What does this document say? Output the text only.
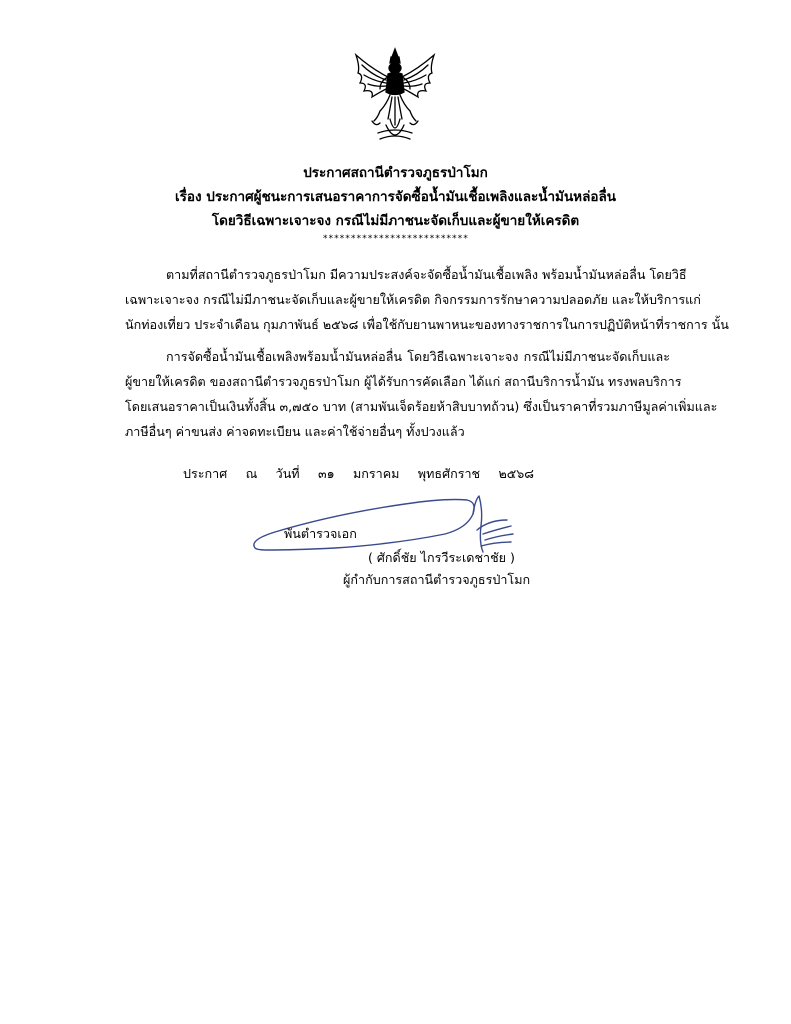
ประกาศสถานีตำรวจภูธรป่าโมก
เรื่อง ประกาศผู้ชนะการเสนอราคาการจัดซื้อน้ำมันเชื้อเพลิงและน้ำมันหล่อลื่น
โดยวิธีเฉพาะเจาะจง กรณีไม่มีภาชนะจัดเก็บและผู้ขายให้เครดิต
**************************
ตามที่สถานีตำรวจภูธรป่าโมก มีความประสงค์จะจัดซื้อน้ำมันเชื้อเพลิง พร้อมน้ำมันหล่อลื่น โดยวิธี
เฉพาะเจาะจง กรณีไม่มีภาชนะจัดเก็บและผู้ขายให้เครดิต กิจกรรมการรักษาความปลอดภัย และให้บริการแก่
นักท่องเที่ยว ประจำเดือน กุมภาพันธ์ ๒๕๖๘ เพื่อใช้กับยานพาหนะของทางราชการในการปฏิบัติหน้าที่ราชการ นั้น
การจัดซื้อน้ำมันเชื้อเพลิงพร้อมน้ำมันหล่อลื่น โดยวิธีเฉพาะเจาะจง กรณีไม่มีภาชนะจัดเก็บและ
ผู้ขายให้เครดิต ของสถานีตำรวจภูธรป่าโมก ผู้ได้รับการคัดเลือก ได้แก่ สถานีบริการน้ำมัน ทรงพลบริการ
โดยเสนอราคาเป็นเงินทั้งสิ้น ๓,๗๕๐ บาท (สามพันเจ็ดร้อยห้าสิบบาทถ้วน) ซึ่งเป็นราคาที่รวมภาษีมูลค่าเพิ่มและ
ภาษีอื่นๆ ค่าขนส่ง ค่าจดทะเบียน และค่าใช้จ่ายอื่นๆ ทั้งปวงแล้ว
ประกาศ ณ วันที่ ๓๑ มกราคม พุทธศักราช ๒๕๖๘
พันตำรวจเอก
( ศักดิ์ชัย ไกรวีระเดชาชัย )
ผู้กำกับการสถานีตำรวจภูธรป่าโมก
